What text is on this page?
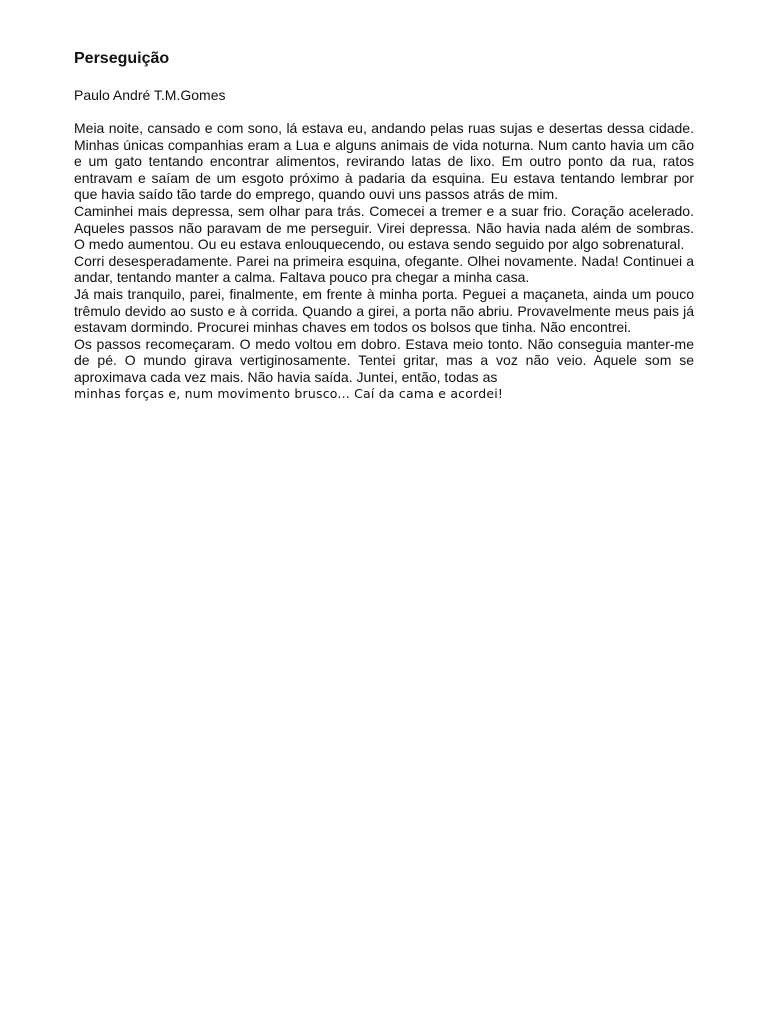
Perseguição
Paulo André T.M.Gomes

Meia noite, cansado e com sono, lá estava eu, andando pelas ruas sujas e desertas dessa cidade. Minhas únicas companhias eram a Lua e alguns animais de vida noturna. Num canto havia um cão e um gato tentando encontrar alimentos, revirando latas de lixo. Em outro ponto da rua, ratos entravam e saíam de um esgoto próximo à padaria da esquina. Eu estava tentando lembrar por que havia saído tão tarde do emprego, quando ouvi uns passos atrás de mim.

Caminhei mais depressa, sem olhar para trás. Comecei a tremer e a suar frio. Coração acelerado. Aqueles passos não paravam de me perseguir. Virei depressa. Não havia nada além de sombras. O medo aumentou. Ou eu estava enlouquecendo, ou estava sendo seguido por algo sobrenatural.

Corri desesperadamente. Parei na primeira esquina, ofegante. Olhei novamente. Nada! Continuei a andar, tentando manter a calma. Faltava pouco pra chegar a minha casa.

Já mais tranquilo, parei, finalmente, em frente à minha porta. Peguei a maçaneta, ainda um pouco trêmulo devido ao susto e à corrida. Quando a girei, a porta não abriu. Provavelmente meus pais já estavam dormindo. Procurei minhas chaves em todos os bolsos que tinha. Não encontrei.

Os passos recomeçaram. O medo voltou em dobro. Estava meio tonto. Não conseguia manter-me de pé. O mundo girava vertiginosamente. Tentei gritar, mas a voz não veio. Aquele som se aproximava cada vez mais. Não havia saída. Juntei, então, todas as

minhas forças e, num movimento brusco... Caí da cama e acordei!
